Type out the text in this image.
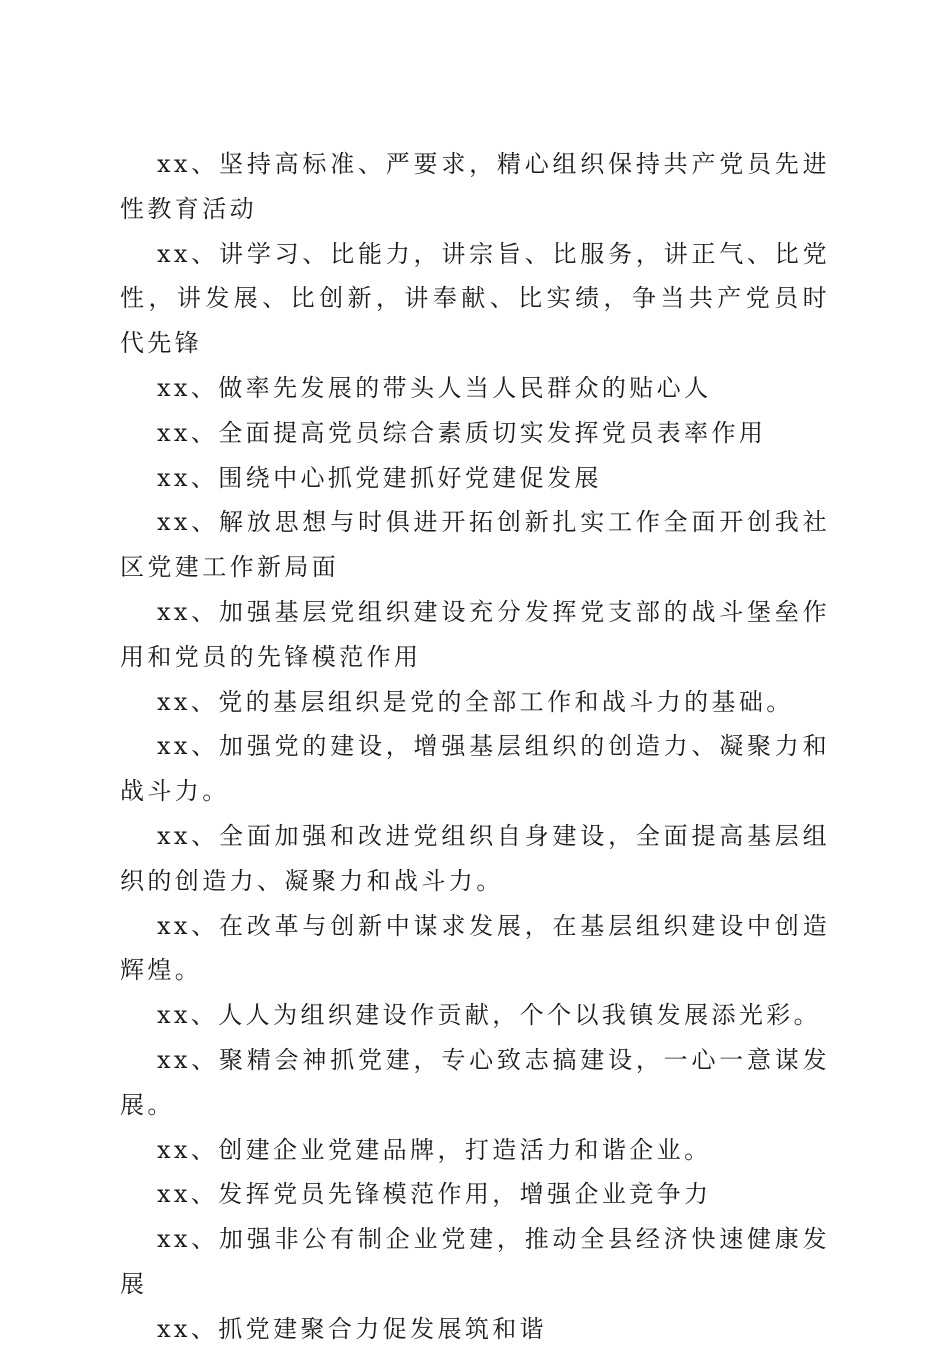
xx、坚持高标准、严要求，精心组织保持共产党员先进性教育活动

xx、讲学习、比能力，讲宗旨、比服务，讲正气、比党性，讲发展、比创新，讲奉献、比实绩，争当共产党员时代先锋

xx、做率先发展的带头人当人民群众的贴心人

xx、全面提高党员综合素质切实发挥党员表率作用

xx、围绕中心抓党建抓好党建促发展

xx、解放思想与时俱进开拓创新扎实工作全面开创我社区党建工作新局面

xx、加强基层党组织建设充分发挥党支部的战斗堡垒作用和党员的先锋模范作用

xx、党的基层组织是党的全部工作和战斗力的基础。

xx、加强党的建设，增强基层组织的创造力、凝聚力和战斗力。

xx、全面加强和改进党组织自身建设，全面提高基层组织的创造力、凝聚力和战斗力。

xx、在改革与创新中谋求发展，在基层组织建设中创造辉煌。

xx、人人为组织建设作贡献，个个以我镇发展添光彩。

xx、聚精会神抓党建，专心致志搞建设，一心一意谋发展。

xx、创建企业党建品牌，打造活力和谐企业。

xx、发挥党员先锋模范作用，增强企业竞争力

xx、加强非公有制企业党建，推动全县经济快速健康发展

xx、抓党建聚合力促发展筑和谐
